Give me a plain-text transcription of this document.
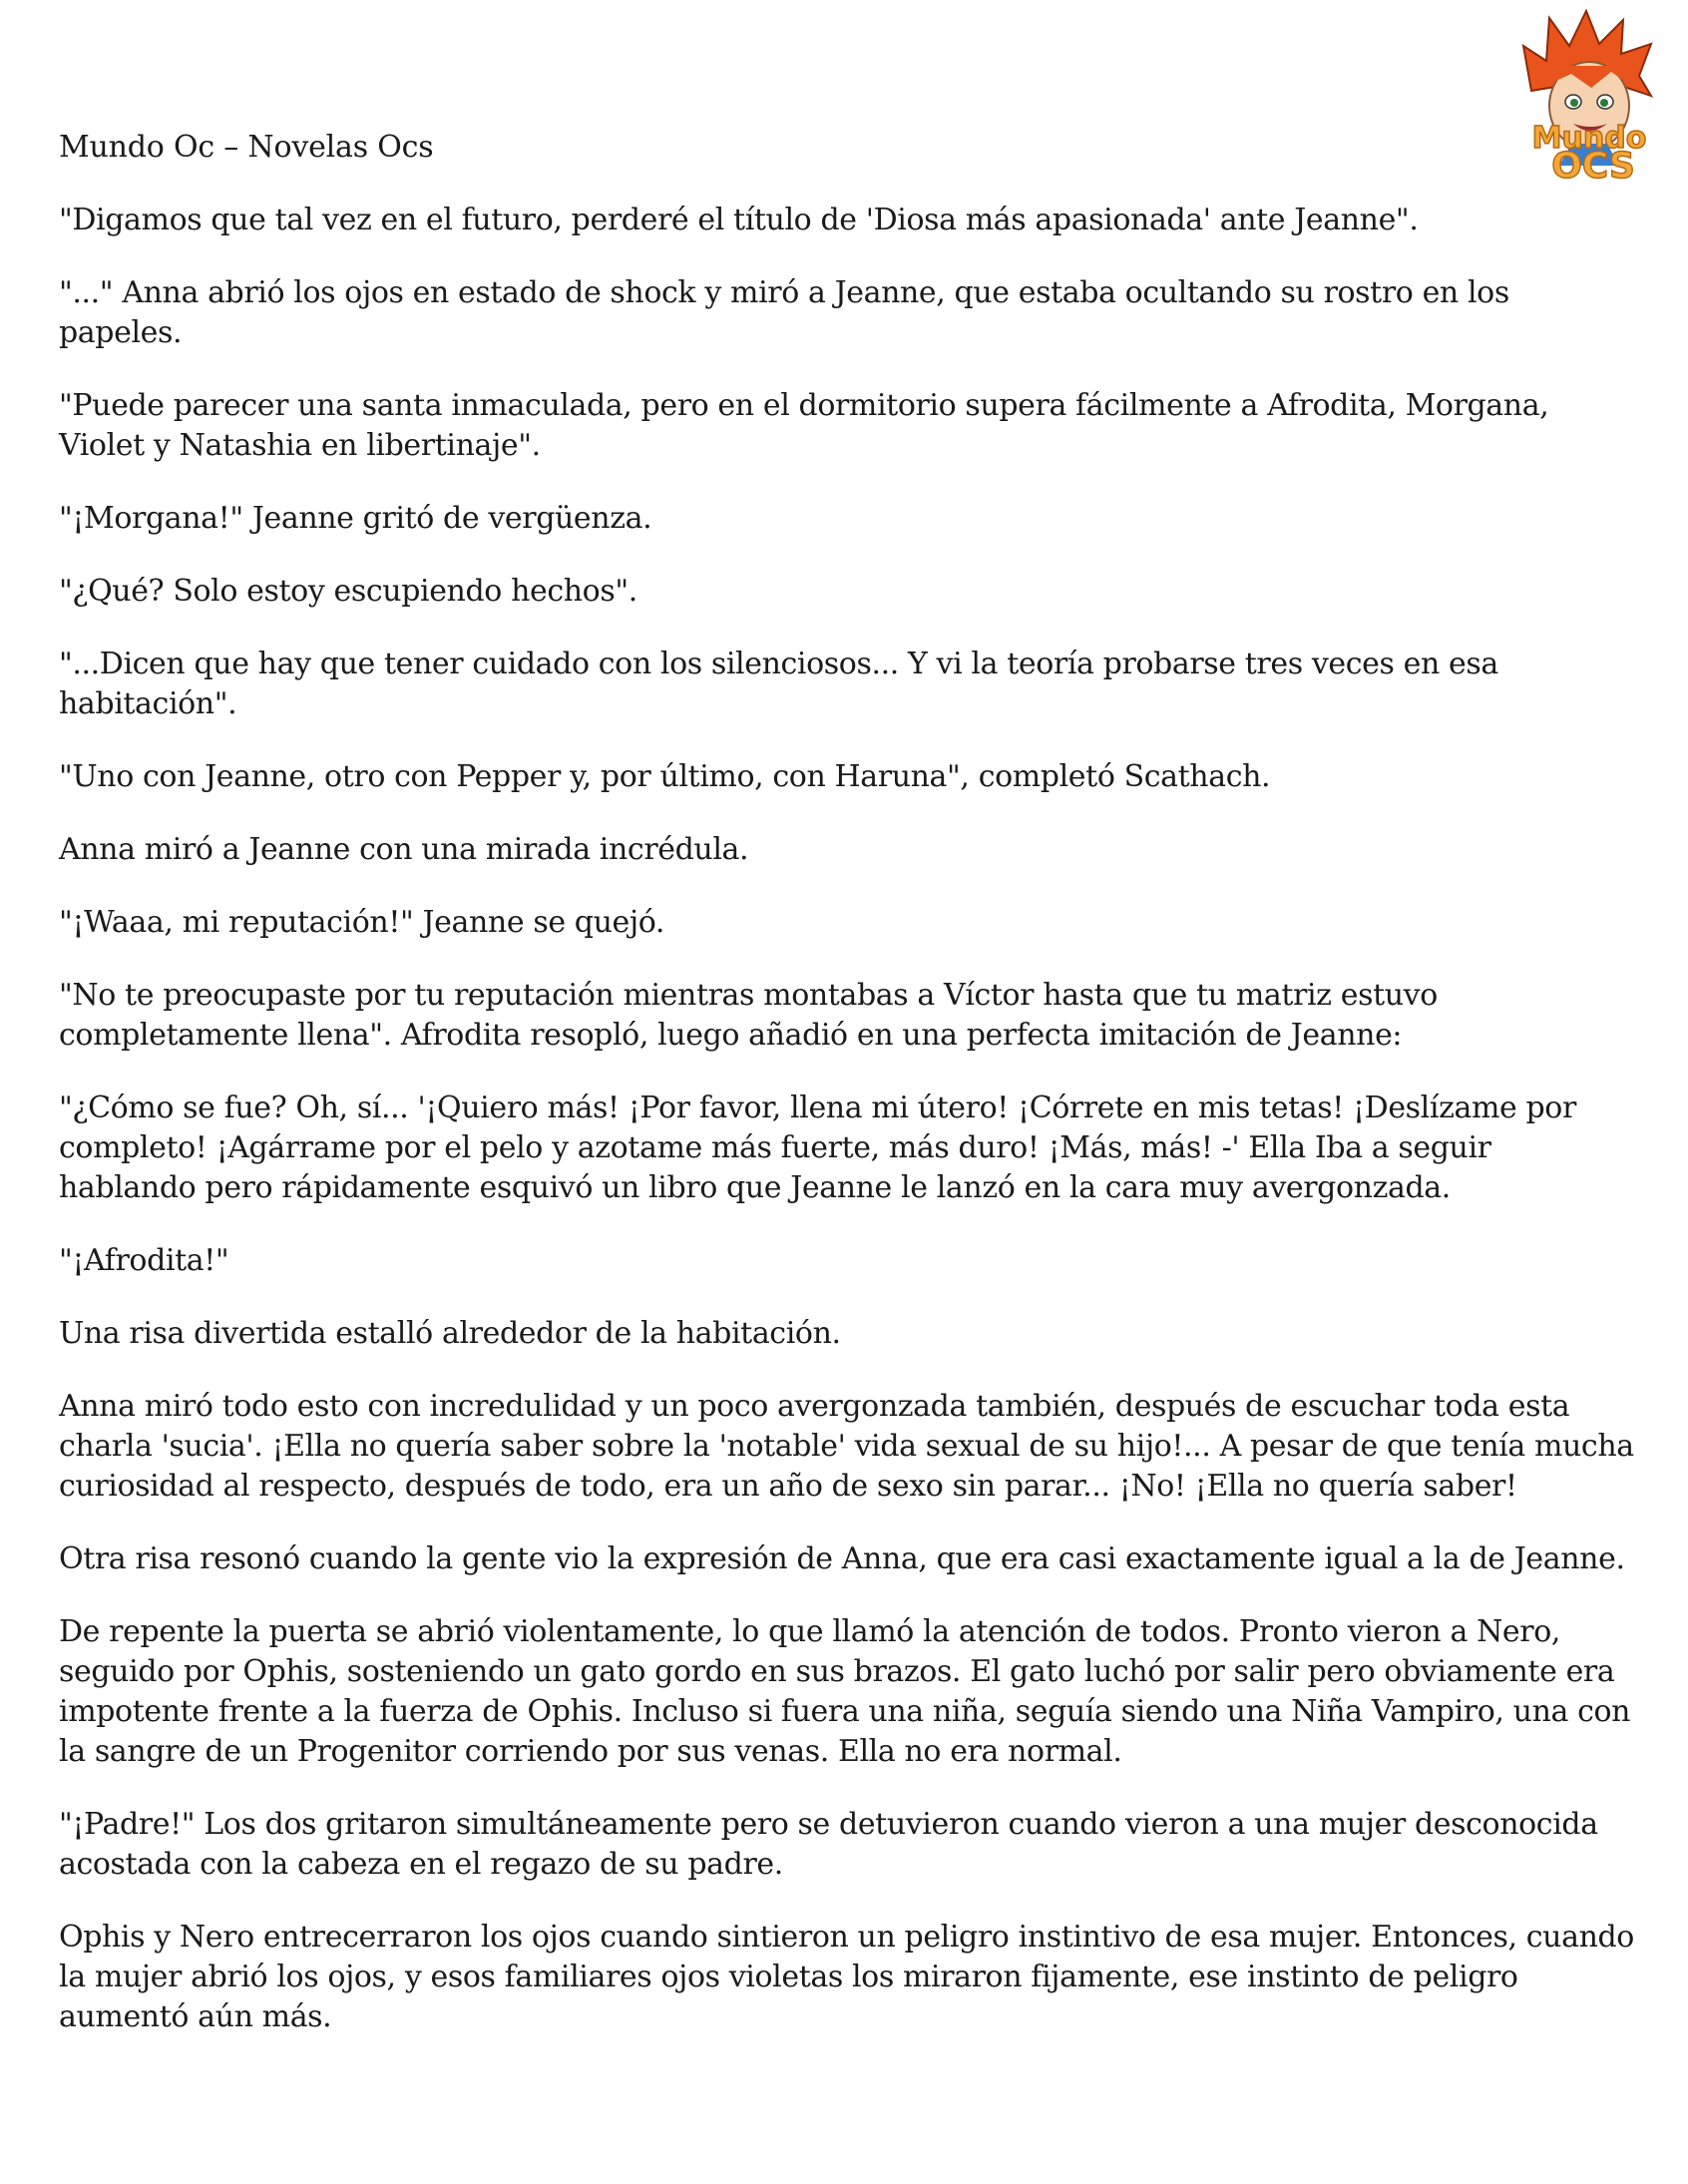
Mundo
OCS
Mundo Oc – Novelas Ocs

"Digamos que tal vez en el futuro, perderé el título de 'Diosa más apasionada' ante Jeanne".

"..." Anna abrió los ojos en estado de shock y miró a Jeanne, que estaba ocultando su rostro en los papeles.

"Puede parecer una santa inmaculada, pero en el dormitorio supera fácilmente a Afrodita, Morgana, Violet y Natashia en libertinaje".

"¡Morgana!" Jeanne gritó de vergüenza.

"¿Qué? Solo estoy escupiendo hechos".

"...Dicen que hay que tener cuidado con los silenciosos... Y vi la teoría probarse tres veces en esa habitación".

"Uno con Jeanne, otro con Pepper y, por último, con Haruna", completó Scathach.

Anna miró a Jeanne con una mirada incrédula.

"¡Waaa, mi reputación!" Jeanne se quejó.

"No te preocupaste por tu reputación mientras montabas a Víctor hasta que tu matriz estuvo completamente llena". Afrodita resopló, luego añadió en una perfecta imitación de Jeanne:

"¿Cómo se fue? Oh, sí... '¡Quiero más! ¡Por favor, llena mi útero! ¡Córrete en mis tetas! ¡Deslízame por completo! ¡Agárrame por el pelo y azotame más fuerte, más duro! ¡Más, más! -' Ella Iba a seguir hablando pero rápidamente esquivó un libro que Jeanne le lanzó en la cara muy avergonzada.

"¡Afrodita!"

Una risa divertida estalló alrededor de la habitación.

Anna miró todo esto con incredulidad y un poco avergonzada también, después de escuchar toda esta charla 'sucia'. ¡Ella no quería saber sobre la 'notable' vida sexual de su hijo!... A pesar de que tenía mucha curiosidad al respecto, después de todo, era un año de sexo sin parar... ¡No! ¡Ella no quería saber!

Otra risa resonó cuando la gente vio la expresión de Anna, que era casi exactamente igual a la de Jeanne.

De repente la puerta se abrió violentamente, lo que llamó la atención de todos. Pronto vieron a Nero, seguido por Ophis, sosteniendo un gato gordo en sus brazos. El gato luchó por salir pero obviamente era impotente frente a la fuerza de Ophis. Incluso si fuera una niña, seguía siendo una Niña Vampiro, una con la sangre de un Progenitor corriendo por sus venas. Ella no era normal.

"¡Padre!" Los dos gritaron simultáneamente pero se detuvieron cuando vieron a una mujer desconocida acostada con la cabeza en el regazo de su padre.

Ophis y Nero entrecerraron los ojos cuando sintieron un peligro instintivo de esa mujer. Entonces, cuando la mujer abrió los ojos, y esos familiares ojos violetas los miraron fijamente, ese instinto de peligro aumentó aún más.
